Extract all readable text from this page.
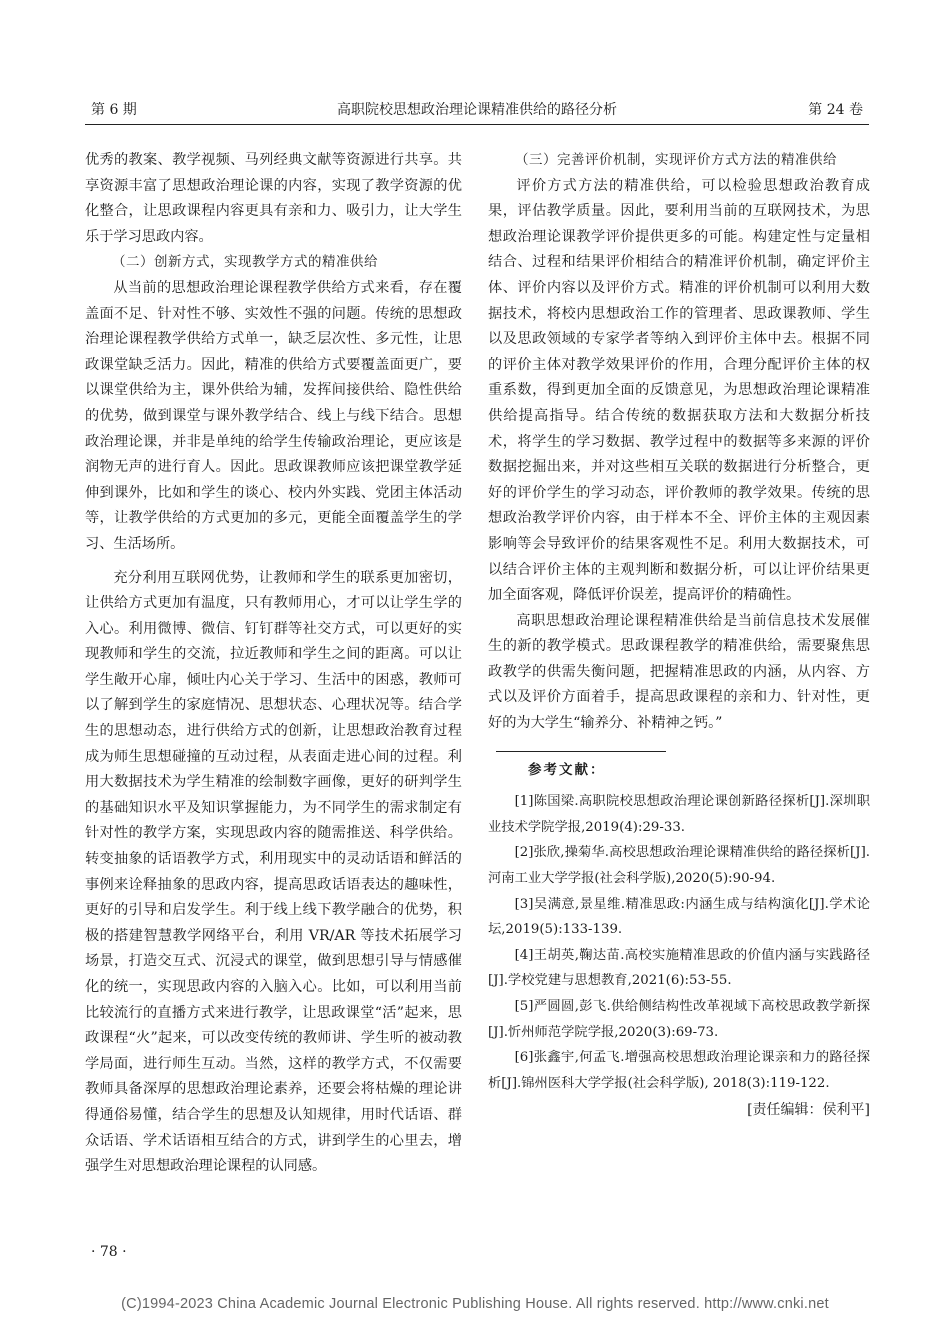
第 6 期	高职院校思想政治理论课精准供给的路径分析	第 24 卷

优秀的教案、教学视频、马列经典文献等资源进行共享。共享资源丰富了思想政治理论课的内容，实现了教学资源的优化整合，让思政课程内容更具有亲和力、吸引力，让大学生乐于学习思政内容。

（二）创新方式，实现教学方式的精准供给

从当前的思想政治理论课程教学供给方式来看，存在覆盖面不足、针对性不够、实效性不强的问题。传统的思想政治理论课程教学供给方式单一，缺乏层次性、多元性，让思政课堂缺乏活力。因此，精准的供给方式要覆盖面更广，要以课堂供给为主，课外供给为辅，发挥间接供给、隐性供给的优势，做到课堂与课外教学结合、线上与线下结合。思想政治理论课，并非是单纯的给学生传输政治理论，更应该是润物无声的进行育人。因此。思政课教师应该把课堂教学延伸到课外，比如和学生的谈心、校内外实践、党团主体活动等，让教学供给的方式更加的多元，更能全面覆盖学生的学习、生活场所。

充分利用互联网优势，让教师和学生的联系更加密切，让供给方式更加有温度，只有教师用心，才可以让学生学的入心。利用微博、微信、钉钉群等社交方式，可以更好的实现教师和学生的交流，拉近教师和学生之间的距离。可以让学生敞开心扉，倾吐内心关于学习、生活中的困惑，教师可以了解到学生的家庭情况、思想状态、心理状况等。结合学生的思想动态，进行供给方式的创新，让思想政治教育过程成为师生思想碰撞的互动过程，从表面走进心间的过程。利用大数据技术为学生精准的绘制数字画像，更好的研判学生的基础知识水平及知识掌握能力，为不同学生的需求制定有针对性的教学方案，实现思政内容的随需推送、科学供给。转变抽象的话语教学方式，利用现实中的灵动话语和鲜活的事例来诠释抽象的思政内容，提高思政话语表达的趣味性，更好的引导和启发学生。利于线上线下教学融合的优势，积极的搭建智慧教学网络平台，利用 VR/AR 等技术拓展学习场景，打造交互式、沉浸式的课堂，做到思想引导与情感催化的统一，实现思政内容的入脑入心。比如，可以利用当前比较流行的直播方式来进行教学，让思政课堂“活”起来，思政课程“火”起来，可以改变传统的教师讲、学生听的被动教学局面，进行师生互动。当然，这样的教学方式，不仅需要教师具备深厚的思想政治理论素养，还要会将枯燥的理论讲得通俗易懂，结合学生的思想及认知规律，用时代话语、群众话语、学术话语相互结合的方式，讲到学生的心里去，增强学生对思想政治理论课程的认同感。

（三）完善评价机制，实现评价方式方法的精准供给

评价方式方法的精准供给，可以检验思想政治教育成果，评估教学质量。因此，要利用当前的互联网技术，为思想政治理论课教学评价提供更多的可能。构建定性与定量相结合、过程和结果评价相结合的精准评价机制，确定评价主体、评价内容以及评价方式。精准的评价机制可以利用大数据技术，将校内思想政治工作的管理者、思政课教师、学生以及思政领域的专家学者等纳入到评价主体中去。根据不同的评价主体对教学效果评价的作用，合理分配评价主体的权重系数，得到更加全面的反馈意见，为思想政治理论课精准供给提高指导。结合传统的数据获取方法和大数据分析技术，将学生的学习数据、教学过程中的数据等多来源的评价数据挖掘出来，并对这些相互关联的数据进行分析整合，更好的评价学生的学习动态，评价教师的教学效果。传统的思想政治教学评价内容，由于样本不全、评价主体的主观因素影响等会导致评价的结果客观性不足。利用大数据技术，可以结合评价主体的主观判断和数据分析，可以让评价结果更加全面客观，降低评价误差，提高评价的精确性。

高职思想政治理论课程精准供给是当前信息技术发展催生的新的教学模式。思政课程教学的精准供给，需要聚焦思政教学的供需失衡问题，把握精准思政的内涵，从内容、方式以及评价方面着手，提高思政课程的亲和力、针对性，更好的为大学生“输养分、补精神之钙。”

参考文献：

[1]陈国梁.高职院校思想政治理论课创新路径探析[J].深圳职业技术学院学报,2019(4):29-33.

[2]张欣,操菊华.高校思想政治理论课精准供给的路径探析[J].河南工业大学学报(社会科学版),2020(5):90-94.

[3]吴满意,景星维.精准思政:内涵生成与结构演化[J].学术论坛,2019(5):133-139.

[4]王胡英,鞠达苗.高校实施精准思政的价值内涵与实践路径[J].学校党建与思想教育,2021(6):53-55.

[5]严圆圆,彭飞.供给侧结构性改革视域下高校思政教学新探[J].忻州师范学院学报,2020(3):69-73.

[6]张鑫宇,何孟飞.增强高校思想政治理论课亲和力的路径探析[J].锦州医科大学学报(社会科学版), 2018(3):119-122.

[责任编辑：侯利平]
· 78 ·
(C)1994-2023 China Academic Journal Electronic Publishing House. All rights reserved. http://www.cnki.net
